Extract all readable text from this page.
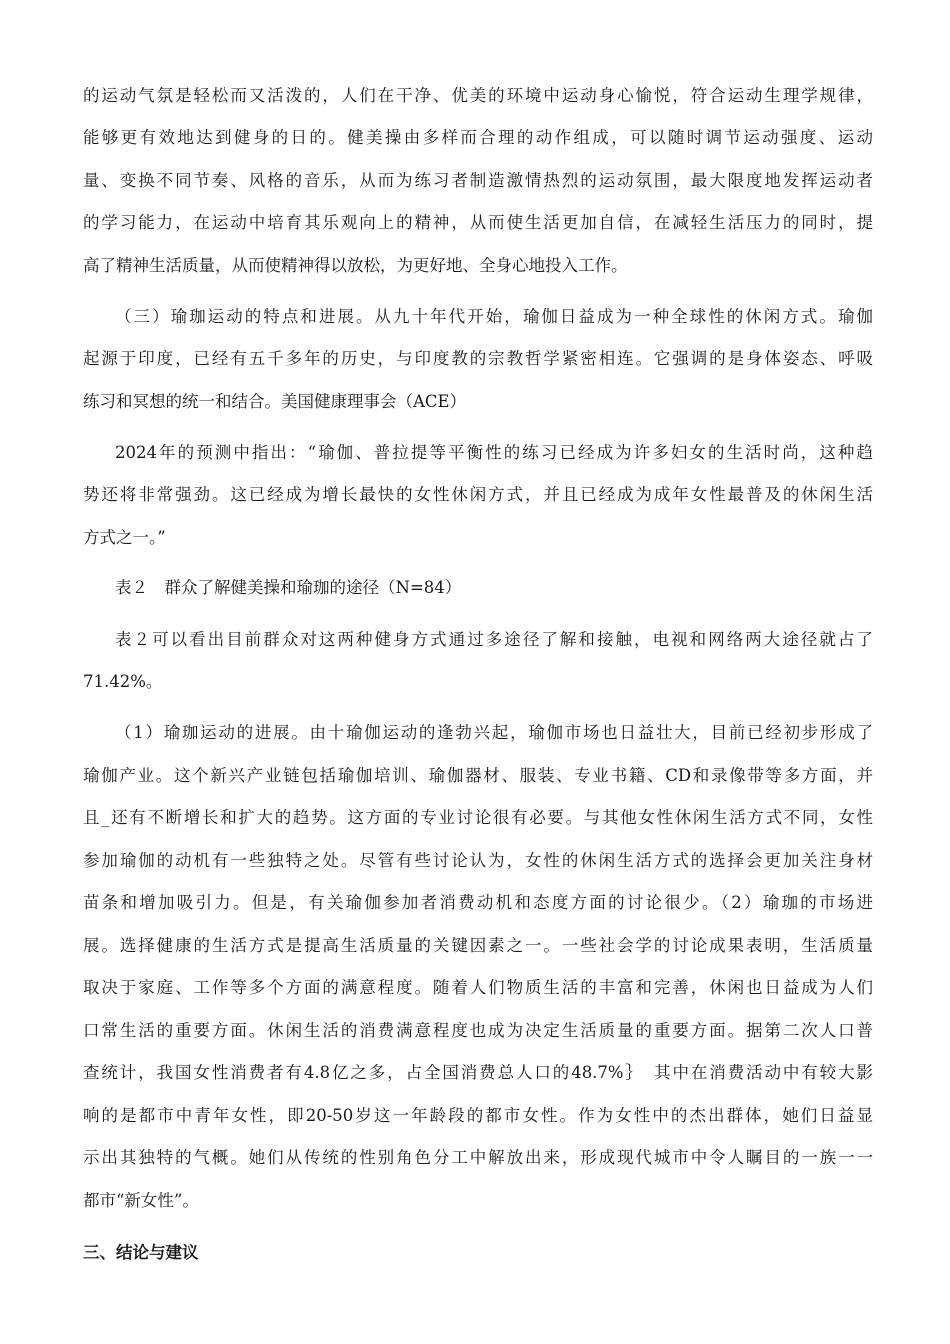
的运动气氛是轻松而又活泼的，人们在干净、优美的环境中运动身心愉悦，符合运动生理学规律，
能够更有效地达到健身的日的。健美操由多样而合理的动作组成，可以随时调节运动强度、运动
量、变换不同节奏、风格的音乐，从而为练习者制造激情热烈的运动氛围，最大限度地发挥运动者
的学习能力，在运动中培育其乐观向上的精神，从而使生活更加自信，在减轻生活压力的同时，提
高了精神生活质量，从而使精神得以放松，为更好地、全身心地投入工作。
（三）瑜珈运动的特点和进展。从九十年代开始，瑜伽日益成为一种全球性的休闲方式。瑜伽
起源于印度，已经有五千多年的历史，与印度教的宗教哲学紧密相连。它强调的是身体姿态、呼吸
练习和冥想的统一和结合。美国健康理事会（ACE）
2024年的预测中指出：“瑜伽、普拉提等平衡性的练习已经成为许多妇女的生活时尚，这种趋
势还将非常强劲。这已经成为增长最快的女性休闲方式，并且已经成为成年女性最普及的休闲生活
方式之一。”
表２　群众了解健美操和瑜珈的途径（N=84）
表２可以看出目前群众对这两种健身方式通过多途径了解和接触，电视和网络两大途径就占了
71.42%。
（1）瑜珈运动的进展。由十瑜伽运动的逢勃兴起，瑜伽市场也日益壮大，目前已经初步形成了
瑜伽产业。这个新兴产业链包括瑜伽培训、瑜伽器材、服装、专业书籍、CD和录像带等多方面，并
且_还有不断增长和扩大的趋势。这方面的专业讨论很有必要。与其他女性休闲生活方式不同，女性
参加瑜伽的动机有一些独特之处。尽管有些讨论认为，女性的休闲生活方式的选择会更加关注身材
苗条和增加吸引力。但是，有关瑜伽参加者消费动机和态度方面的讨论很少。（2）瑜珈的市场进
展。选择健康的生活方式是提高生活质量的关键因素之一。一些社会学的讨论成果表明，生活质量
取决于家庭、工作等多个方面的满意程度。随着人们物质生活的丰富和完善，休闲也日益成为人们
口常生活的重要方面。休闲生活的消费满意程度也成为决定生活质量的重要方面。据第二次人口普
查统计，我国女性消费者有4.8亿之多，占全国消费总人口的48.7%｝　其中在消费活动中有较大影
响的是都市中青年女性，即20-50岁这一年龄段的都市女性。作为女性中的杰出群体，她们日益显
示出其独特的气概。她们从传统的性别角色分工中解放出来，形成现代城市中令人瞩目的一族一一
都市“新女性”。
三、结论与建议
